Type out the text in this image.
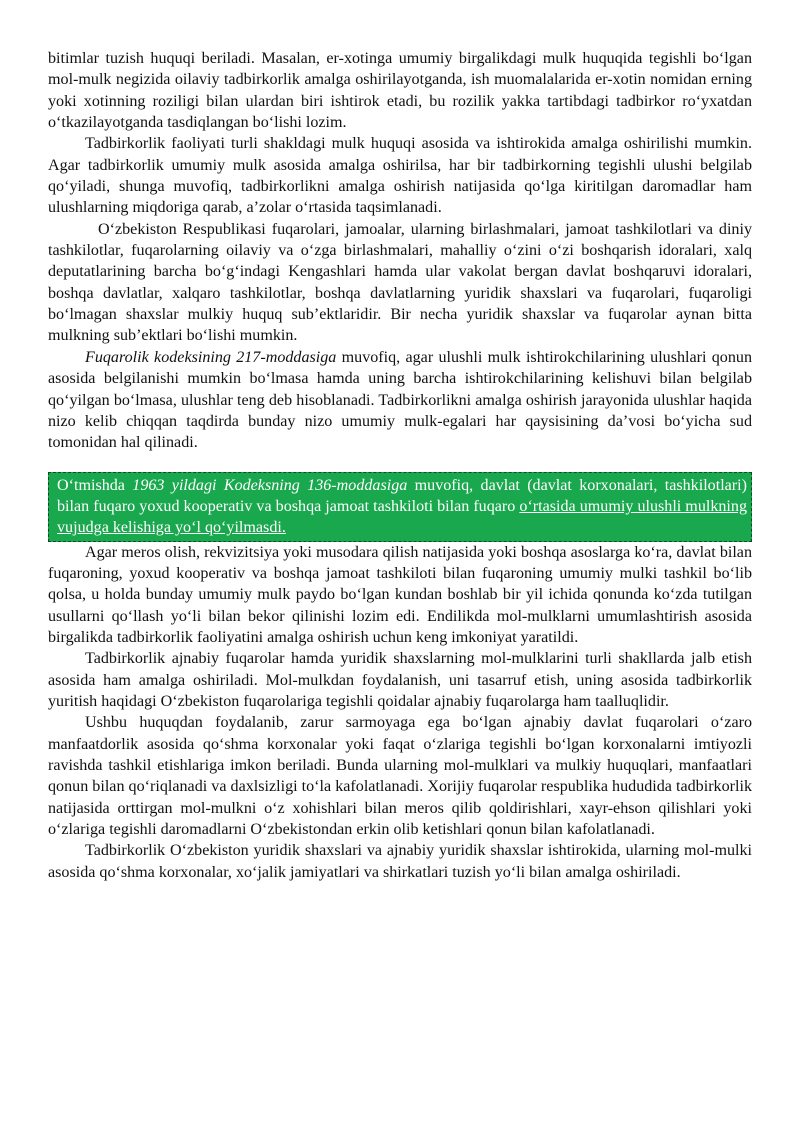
bitimlar tuzish huquqi beriladi. Masalan, er-xotinga umumiy birgalikdagi mulk huquqida tegishli bo‘lgan mol-mulk negizida oilaviy tadbirkorlik amalga oshirilayotganda, ish muomalalarida er-xotin nomidan erning yoki xotinning roziligi bilan ulardan biri ishtirok etadi, bu rozilik yakka tartibdagi tadbirkor ro‘yxatdan o‘tkazilayotganda tasdiqlangan bo‘lishi lozim.

Tadbirkorlik faoliyati turli shakldagi mulk huquqi asosida va ishtirokida amalga oshirilishi mumkin. Agar tadbirkorlik umumiy mulk asosida amalga oshirilsa, har bir tadbirkorning tegishli ulushi belgilab qo‘yiladi, shunga muvofiq, tadbirkorlikni amalga oshirish natijasida qo‘lga kiritilgan daromadlar ham ulushlarning miqdoriga qarab, a’zolar o‘rtasida taqsimlanadi.

O‘zbekiston Respublikasi fuqarolari, jamoalar, ularning birlashmalari, jamoat tashkilotlari va diniy tashkilotlar, fuqarolarning oilaviy va o‘zga birlashmalari, mahalliy o‘zini o‘zi boshqarish idoralari, xalq deputatlarining barcha bo‘g‘indagi Kengashlari hamda ular vakolat bergan davlat boshqaruvi idoralari, boshqa davlatlar, xalqaro tashkilotlar, boshqa davlatlarning yuridik shaxslari va fuqarolari, fuqaroligi bo‘lmagan shaxslar mulkiy huquq sub’ektlaridir. Bir necha yuridik shaxslar va fuqarolar aynan bitta mulkning sub’ektlari bo‘lishi mumkin.

Fuqarolik kodeksining 217-moddasiga muvofiq, agar ulushli mulk ishtirokchilarining ulushlari qonun asosida belgilanishi mumkin bo‘lmasa hamda uning barcha ishtirokchilarining kelishuvi bilan belgilab qo‘yilgan bo‘lmasa, ulushlar teng deb hisoblanadi. Tadbirkorlikni amalga oshirish jarayonida ulushlar haqida nizo kelib chiqqan taqdirda bunday nizo umumiy mulk-egalari har qaysisining da’vosi bo‘yicha sud tomonidan hal qilinadi.

O‘tmishda 1963 yildagi Kodeksning 136-moddasiga muvofiq, davlat (davlat korxonalari, tashkilotlari) bilan fuqaro yoxud kooperativ va boshqa jamoat tashkiloti bilan fuqaro o‘rtasida umumiy ulushli mulkning vujudga kelishiga yo‘l qo‘yilmasdi.

Agar meros olish, rekvizitsiya yoki musodara qilish natijasida yoki boshqa asoslarga ko‘ra, davlat bilan fuqaroning, yoxud kooperativ va boshqa jamoat tashkiloti bilan fuqaroning umumiy mulki tashkil bo‘lib qolsa, u holda bunday umumiy mulk paydo bo‘lgan kundan boshlab bir yil ichida qonunda ko‘zda tutilgan usullarni qo‘llash yo‘li bilan bekor qilinishi lozim edi. Endilikda mol-mulklarni umumlashtirish asosida birgalikda tadbirkorlik faoliyatini amalga oshirish uchun keng imkoniyat yaratildi.

Tadbirkorlik ajnabiy fuqarolar hamda yuridik shaxslarning mol-mulklarini turli shakllarda jalb etish asosida ham amalga oshiriladi. Mol-mulkdan foydalanish, uni tasarruf etish, uning asosida tadbirkorlik yuritish haqidagi O‘zbekiston fuqarolariga tegishli qoidalar ajnabiy fuqarolarga ham taalluqlidir.

Ushbu huquqdan foydalanib, zarur sarmoyaga ega bo‘lgan ajnabiy davlat fuqarolari o‘zaro manfaatdorlik asosida qo‘shma korxonalar yoki faqat o‘zlariga tegishli bo‘lgan korxonalarni imtiyozli ravishda tashkil etishlariga imkon beriladi. Bunda ularning mol-mulklari va mulkiy huquqlari, manfaatlari qonun bilan qo‘riqlanadi va daxlsizligi to‘la kafolatlanadi. Xorijiy fuqarolar respublika hududida tadbirkorlik natijasida orttirgan mol-mulkni o‘z xohishlari bilan meros qilib qoldirishlari, xayr-ehson qilishlari yoki o‘zlariga tegishli daromadlarni O‘zbekistondan erkin olib ketishlari qonun bilan kafolatlanadi.

Tadbirkorlik O‘zbekiston yuridik shaxslari va ajnabiy yuridik shaxslar ishtirokida, ularning mol-mulki asosida qo‘shma korxonalar, xo‘jalik jamiyatlari va shirkatlari tuzish yo‘li bilan amalga oshiriladi.
